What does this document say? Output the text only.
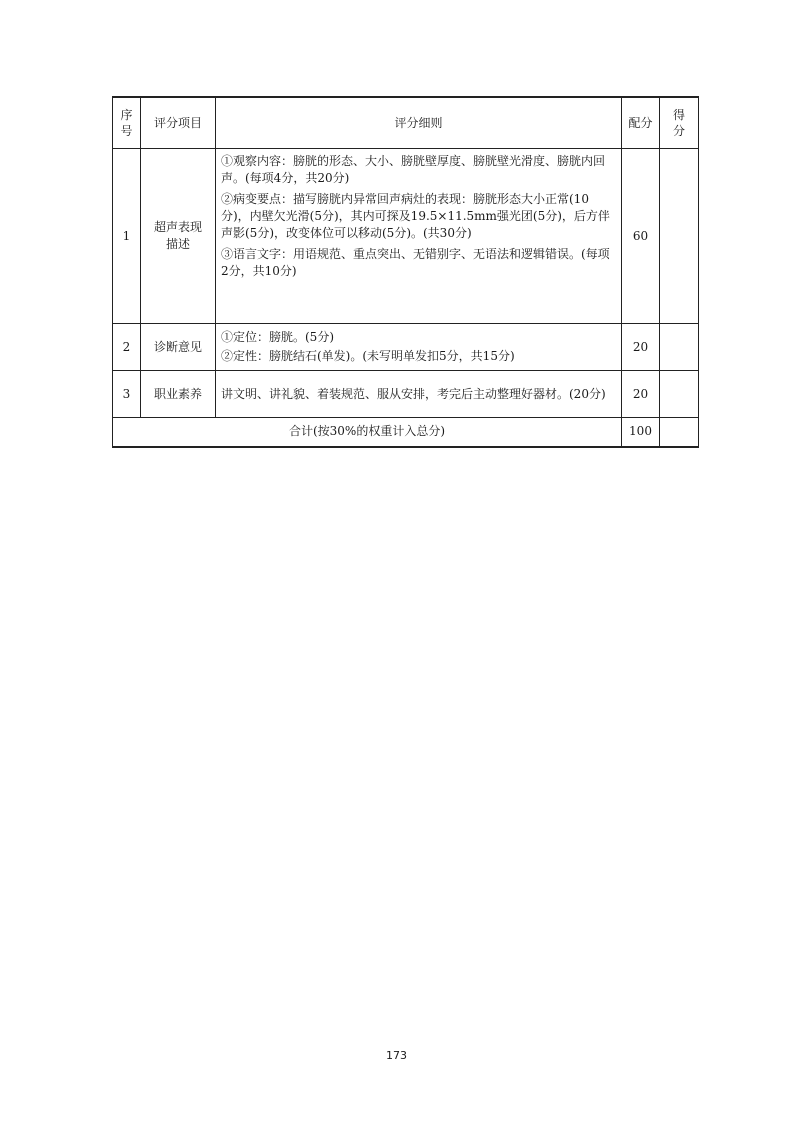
序号	评分项目	评分细则	配分	得分
1	超声表现描述	①观察内容：膀胱的形态、大小、膀胱壁厚度、膀胱壁光滑度、膀胱内回声。(每项4分，共20分)

②病变要点：描写膀胱内异常回声病灶的表现：膀胱形态大小正常(10分)，内壁欠光滑(5分)，其内可探及19.5×11.5mm强光团(5分)，后方伴声影(5分)，改变体位可以移动(5分)。(共30分)

③语言文字：用语规范、重点突出、无错别字、无语法和逻辑错误。(每项2分，共10分)	60	
2	诊断意见	①定位：膀胱。(5分)

②定性：膀胱结石(单发)。(未写明单发扣5分，共15分)	20	
3	职业素养	讲文明、讲礼貌、着装规范、服从安排，考完后主动整理好器材。(20分)	20	
合计(按30%的权重计入总分)			100	
173
